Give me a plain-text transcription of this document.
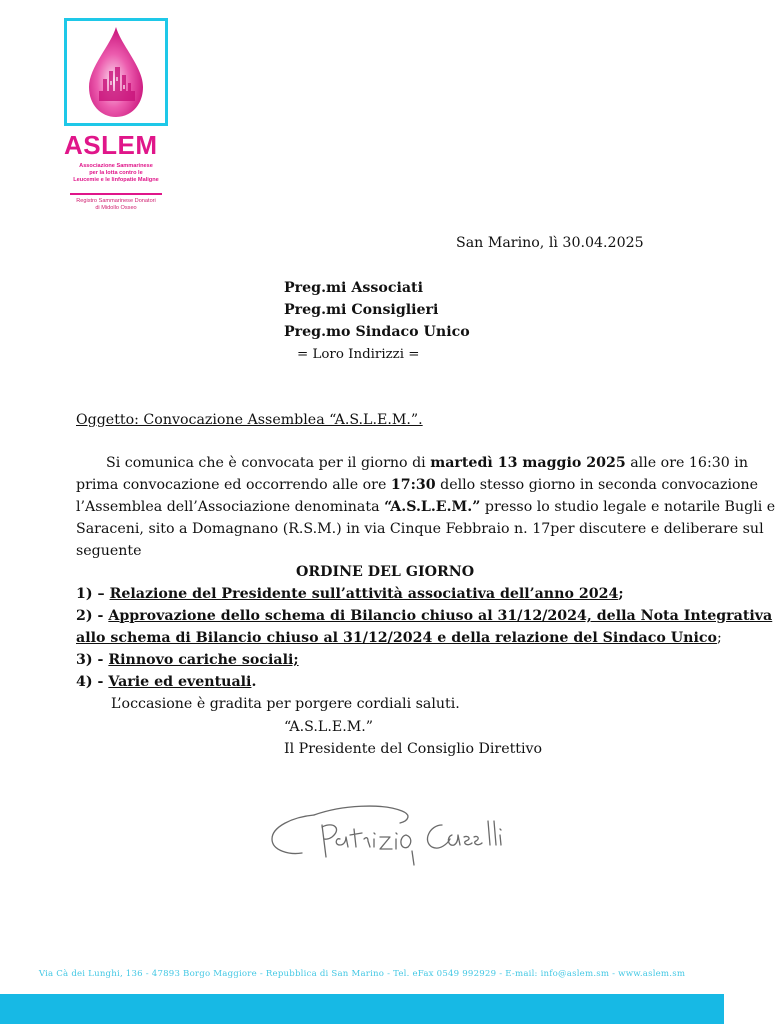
ASLEM
Associazione Sammarinese
per la lotta contro le
Leucemie e le linfopatie Maligne
Registro Sammarinese Donatori
di Midollo Osseo
San Marino, lì 30.04.2025
Preg.mi Associati
Preg.mi Consiglieri
Preg.mo Sindaco Unico
= Loro Indirizzi =
Oggetto: Convocazione Assemblea “A.S.L.E.M.”.
Si comunica che è convocata per il giorno di martedì 13 maggio 2025 alle ore 16:30 in
prima convocazione ed occorrendo alle ore 17:30 dello stesso giorno in seconda convocazione
l’Assemblea dell’Associazione denominata “A.S.L.E.M.” presso lo studio legale e notarile Bugli e
Saraceni, sito a Domagnano (R.S.M.) in via Cinque Febbraio n. 17per discutere e deliberare sul
seguente
ORDINE DEL GIORNO
1) – Relazione del Presidente sull’attività associativa dell’anno 2024;
2) - Approvazione dello schema di Bilancio chiuso al 31/12/2024, della Nota Integrativa
allo schema di Bilancio chiuso al 31/12/2024 e della relazione del Sindaco Unico;
3) - Rinnovo cariche sociali;
4) - Varie ed eventuali.
L’occasione è gradita per porgere cordiali saluti.
“A.S.L.E.M.”
Il Presidente del Consiglio Direttivo
Via Cà dei Lunghi, 136 - 47893 Borgo Maggiore - Repubblica di San Marino - Tel. eFax 0549 992929 - E-mail: info@aslem.sm - www.aslem.sm
